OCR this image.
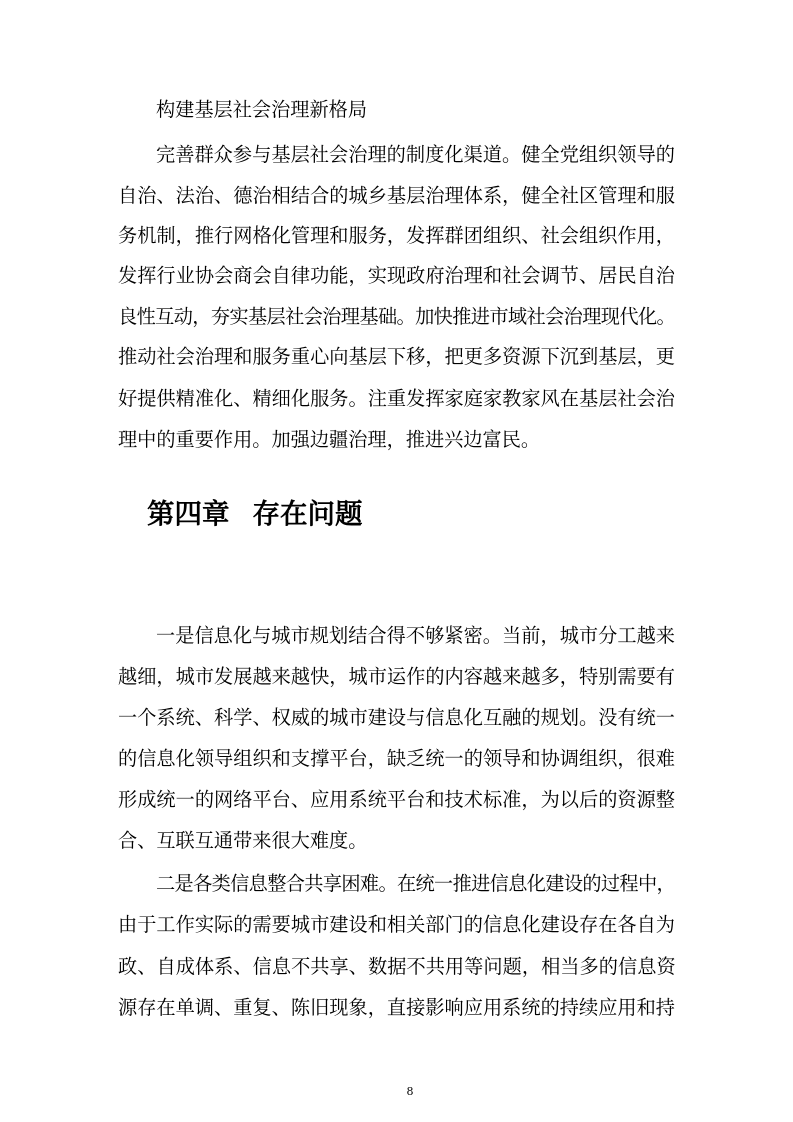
构建基层社会治理新格局
完善群众参与基层社会治理的制度化渠道。健全党组织领导的
自治、法治、德治相结合的城乡基层治理体系，健全社区管理和服
务机制，推行网格化管理和服务，发挥群团组织、社会组织作用，
发挥行业协会商会自律功能，实现政府治理和社会调节、居民自治
良性互动，夯实基层社会治理基础。加快推进市域社会治理现代化。
推动社会治理和服务重心向基层下移，把更多资源下沉到基层，更
好提供精准化、精细化服务。注重发挥家庭家教家风在基层社会治
理中的重要作用。加强边疆治理，推进兴边富民。
第四章 存在问题
一是信息化与城市规划结合得不够紧密。当前，城市分工越来
越细，城市发展越来越快，城市运作的内容越来越多，特别需要有
一个系统、科学、权威的城市建设与信息化互融的规划。没有统一
的信息化领导组织和支撑平台，缺乏统一的领导和协调组织，很难
形成统一的网络平台、应用系统平台和技术标准，为以后的资源整
合、互联互通带来很大难度。
二是各类信息整合共享困难。在统一推进信息化建设的过程中，
由于工作实际的需要城市建设和相关部门的信息化建设存在各自为
政、自成体系、信息不共享、数据不共用等问题，相当多的信息资
源存在单调、重复、陈旧现象，直接影响应用系统的持续应用和持
8
